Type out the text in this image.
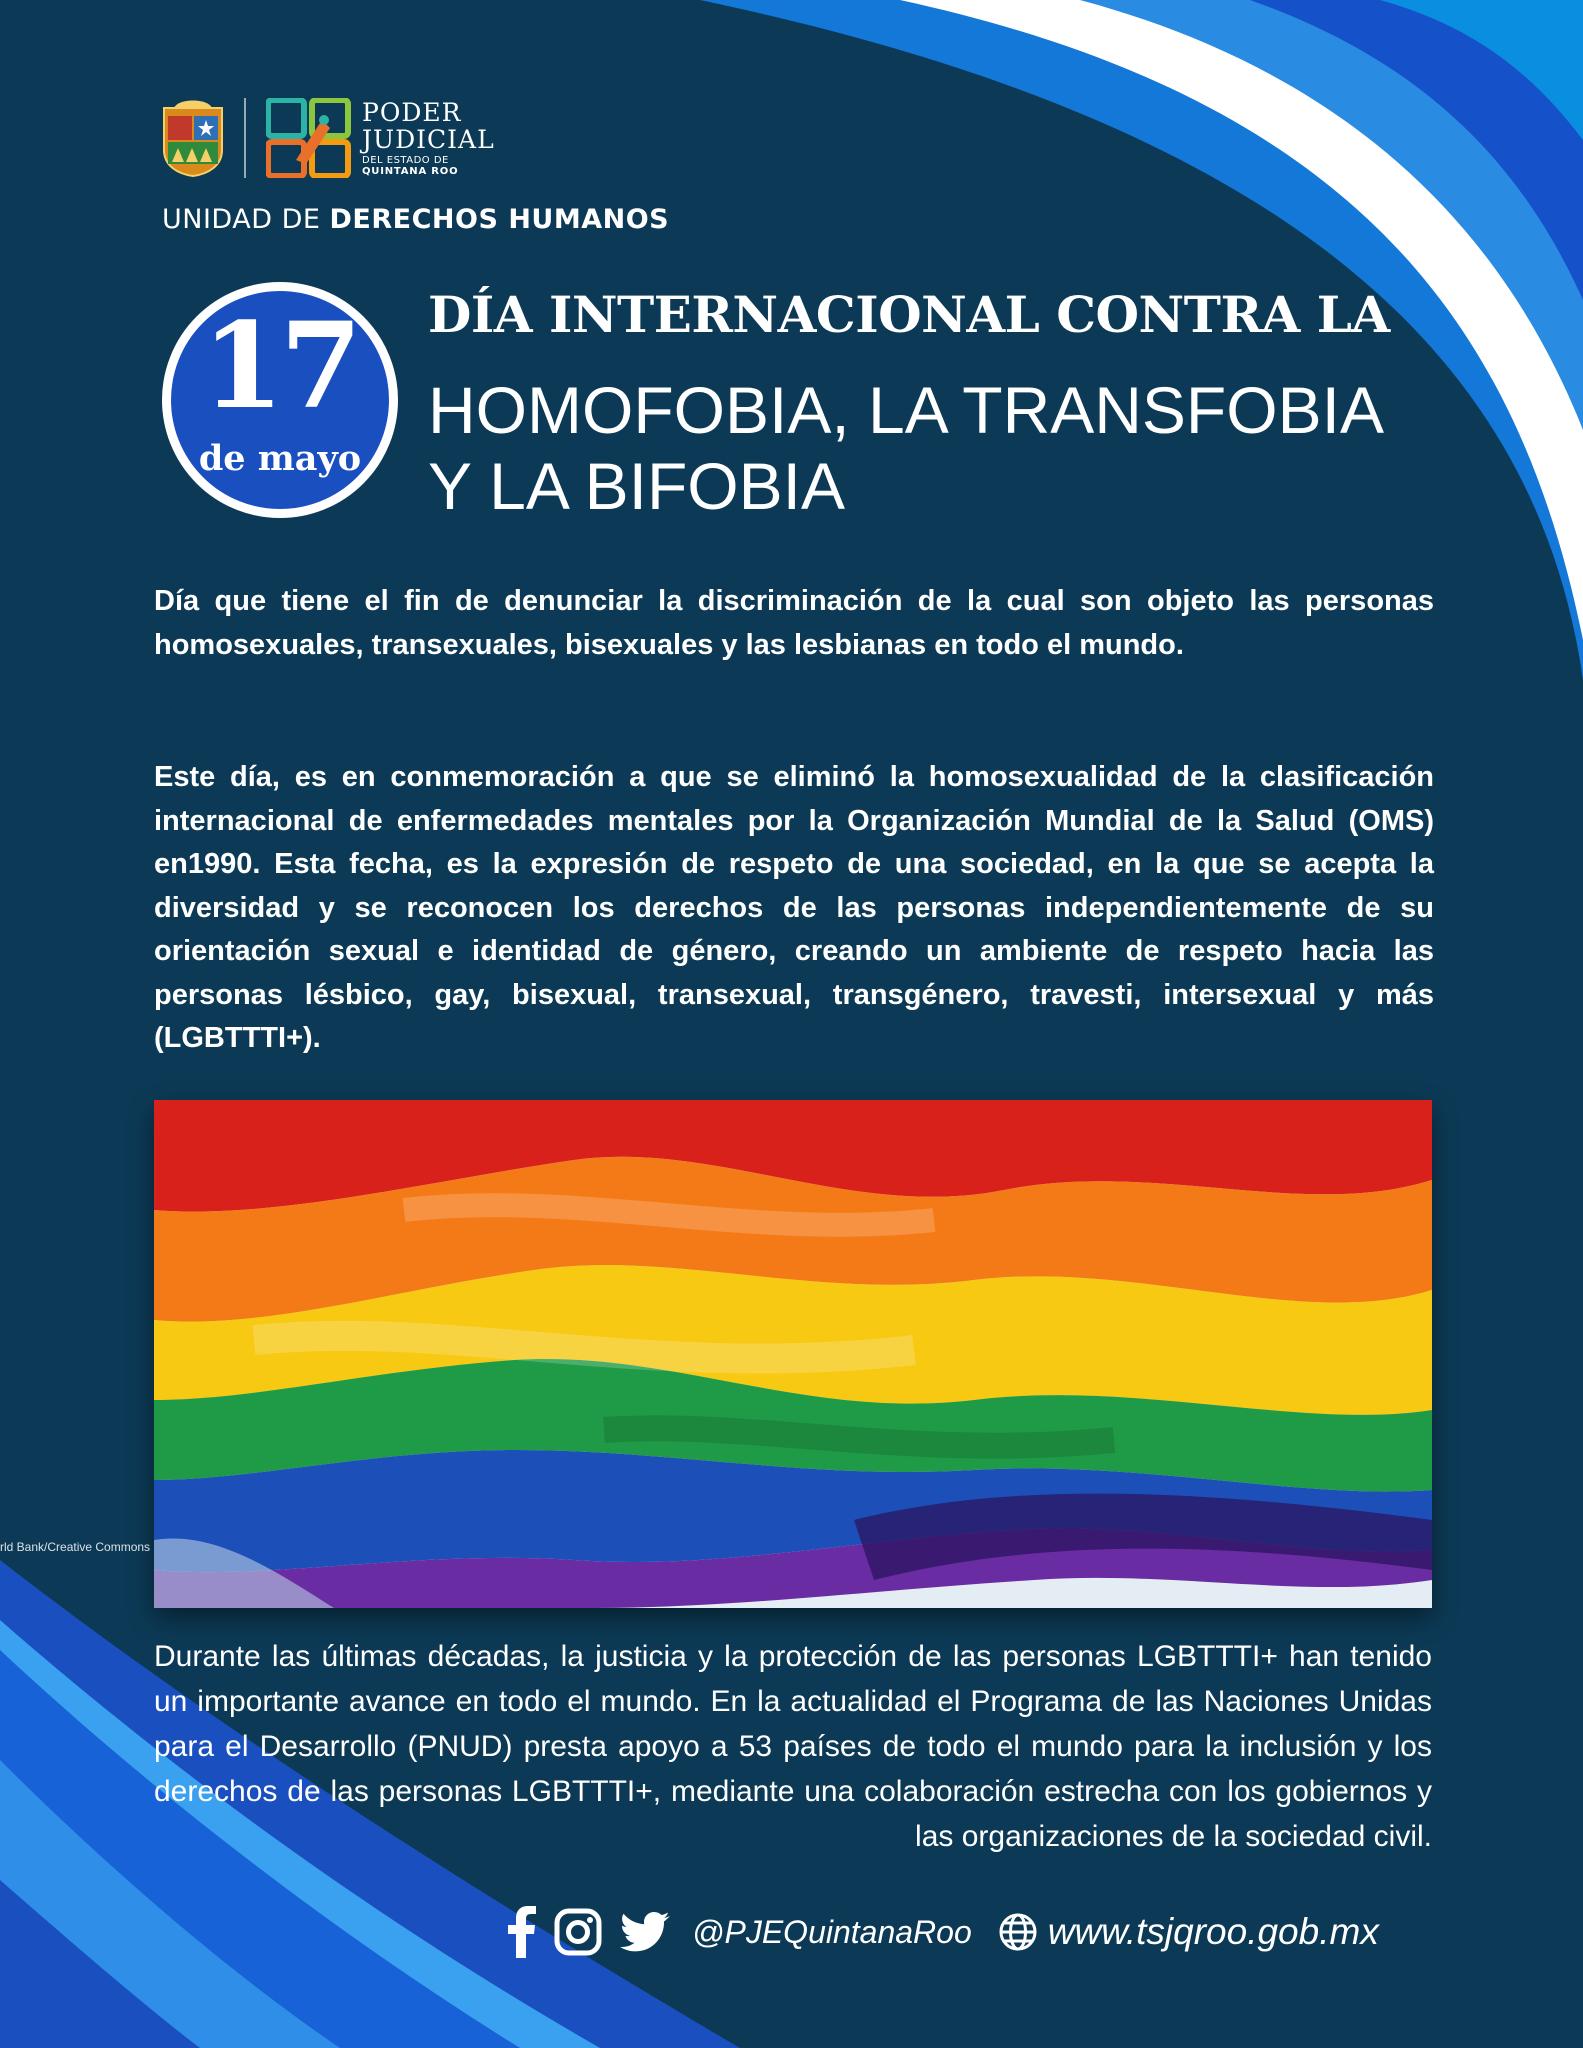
PODER
JUDICIAL
DEL ESTADO DE
QUINTANA ROO
UNIDAD DE DERECHOS HUMANOS
17
de mayo
DÍA INTERNACIONAL CONTRA LA
HOMOFOBIA, LA TRANSFOBIA
Y LA BIFOBIA

Día que tiene el fin de denunciar la discriminación de la cual son objeto las personas homosexuales, transexuales, bisexuales y las lesbianas en todo el mundo.

Este día, es en conmemoración a que se eliminó la homosexualidad de la clasificación internacional de enfermedades mentales por la Organización Mundial de la Salud (OMS) en1990. Esta fecha, es la expresión de respeto de una sociedad, en la que se acepta la diversidad y se reconocen los derechos de las personas independientemente de su orientación sexual e identidad de género, creando un ambiente de respeto hacia las personas lésbico, gay, bisexual, transexual, transgénero, travesti, intersexual y más (LGBTTTI+).

rld Bank/Creative Commons

Durante las últimas décadas, la justicia y la protección de las personas LGBTTTI+ han tenido un importante avance en todo el mundo. En la actualidad el Programa de las Naciones Unidas para el Desarrollo (PNUD) presta apoyo a 53 países de todo el mundo para la inclusión y los derechos de las personas LGBTTTI+, mediante una colaboración estrecha con los gobiernos y las organizaciones de la sociedad civil.

@PJEQuintanaRoo www.tsjqroo.gob.mx
